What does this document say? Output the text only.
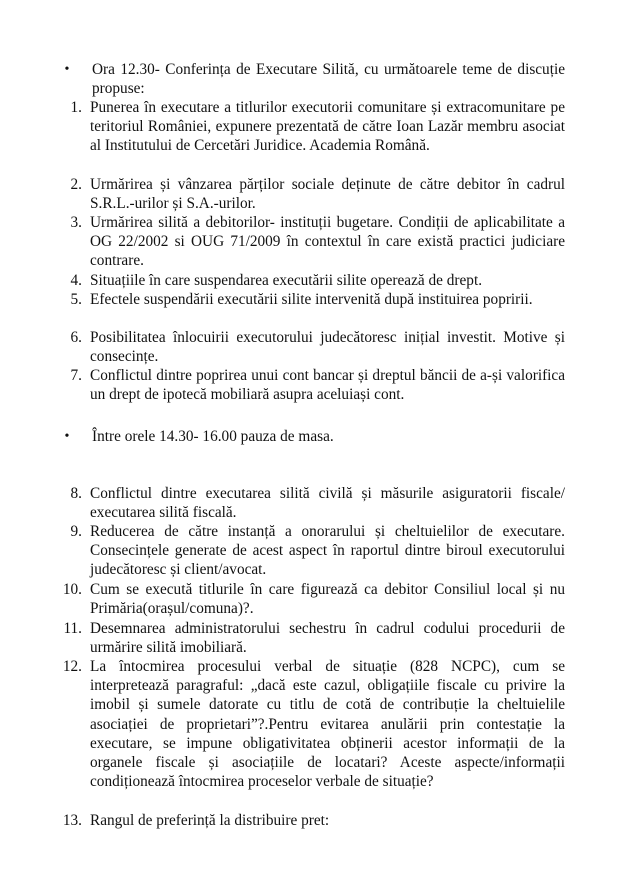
• Ora 12.30- Conferința de Executare Silită, cu următoarele teme de discuție propuse:
1. Punerea în executare a titlurilor executorii comunitare și extracomunitare pe teritoriul României, expunere prezentată de către Ioan Lazăr membru asociat al Institutului de Cercetări Juridice. Academia Română.
2. Urmărirea și vânzarea părților sociale deținute de către debitor în cadrul S.R.L.-urilor și S.A.-urilor.
3. Urmărirea silită a debitorilor- instituții bugetare. Condiții de aplicabilitate a OG 22/2002 si OUG 71/2009 în contextul în care există practici judiciare contrare.
4. Situațiile în care suspendarea executării silite operează de drept.
5. Efectele suspendării executării silite intervenită după instituirea popririi.
6. Posibilitatea înlocuirii executorului judecătoresc inițial investit. Motive și consecințe.
7. Conflictul dintre poprirea unui cont bancar și dreptul băncii de a-și valorifica un drept de ipotecă mobiliară asupra aceluiași cont.
• Între orele 14.30- 16.00 pauza de masa.
8. Conflictul dintre executarea silită civilă și măsurile asiguratorii fiscale/ executarea silită fiscală.
9. Reducerea de către instanță a onorarului și cheltuielilor de executare. Consecințele generate de acest aspect în raportul dintre biroul executorului judecătoresc și client/avocat.
10. Cum se execută titlurile în care figurează ca debitor Consiliul local și nu Primăria(orașul/comuna)?.
11. Desemnarea administratorului sechestru în cadrul codului procedurii de urmărire silită imobiliară.
12. La întocmirea procesului verbal de situație (828 NCPC), cum se interpretează paragraful: „dacă este cazul, obligațiile fiscale cu privire la imobil și sumele datorate cu titlu de cotă de contribuție la cheltuielile asociației de proprietari”?.Pentru evitarea anulării prin contestație la executare, se impune obligativitatea obținerii acestor informații de la organele fiscale și asociațiile de locatari? Aceste aspecte/informații condiționează întocmirea proceselor verbale de situație?
13. Rangul de preferință la distribuire pret:
